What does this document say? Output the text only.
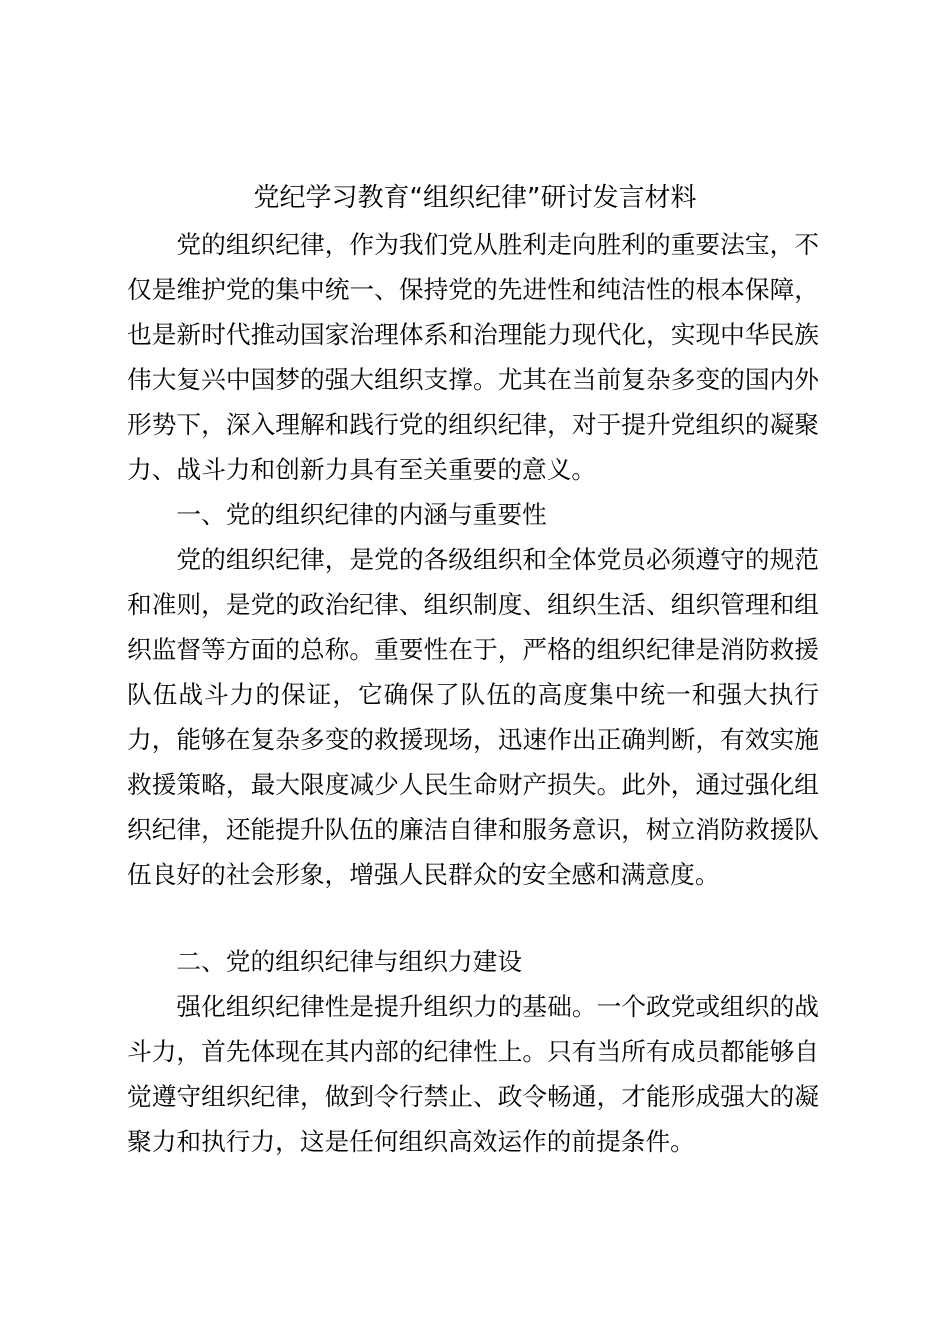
党纪学习教育“组织纪律”研讨发言材料

党的组织纪律，作为我们党从胜利走向胜利的重要法宝，不仅是维护党的集中统一、保持党的先进性和纯洁性的根本保障，也是新时代推动国家治理体系和治理能力现代化，实现中华民族伟大复兴中国梦的强大组织支撑。尤其在当前复杂多变的国内外形势下，深入理解和践行党的组织纪律，对于提升党组织的凝聚力、战斗力和创新力具有至关重要的意义。

一、党的组织纪律的内涵与重要性

党的组织纪律，是党的各级组织和全体党员必须遵守的规范和准则，是党的政治纪律、组织制度、组织生活、组织管理和组织监督等方面的总称。重要性在于，严格的组织纪律是消防救援队伍战斗力的保证，它确保了队伍的高度集中统一和强大执行力，能够在复杂多变的救援现场，迅速作出正确判断，有效实施救援策略，最大限度减少人民生命财产损失。此外，通过强化组织纪律，还能提升队伍的廉洁自律和服务意识，树立消防救援队伍良好的社会形象，增强人民群众的安全感和满意度。

二、党的组织纪律与组织力建设

强化组织纪律性是提升组织力的基础。一个政党或组织的战斗力，首先体现在其内部的纪律性上。只有当所有成员都能够自觉遵守组织纪律，做到令行禁止、政令畅通，才能形成强大的凝聚力和执行力，这是任何组织高效运作的前提条件。
